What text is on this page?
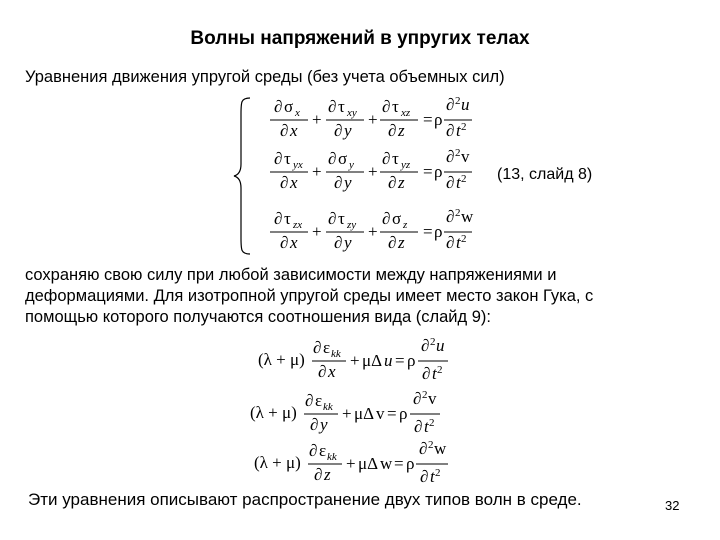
Волны напряжений в упругих телах
Уравнения движения упругой среды (без учета объемных сил)
∂ σ x
∂ x
+
∂ τ xy
∂ y
+
∂ τ xz
∂ z
= ρ
∂ 2 u
∂ t 2
∂ τ yx
∂ x
+
∂ σ y
∂ y
+
∂ τ yz
∂ z
= ρ
∂ 2 v
∂ t 2
∂ τ zx
∂ x
+
∂ τ zy
∂ y
+
∂ σ z
∂ z
= ρ
∂ 2 w
∂ t 2
(13, слайд 8)
сохраняю свою силу при любой зависимости между напряжениями и деформациями. Для изотропной упругой среды имеет место закон Гука, с помощью которого получаются соотношения вида (слайд 9):
(λ + μ)
∂ ε kk
∂ x
+ μΔ u = ρ
∂ 2 u
∂ t 2
(λ + μ)
∂ ε kk
∂ y
+ μΔ v = ρ
∂ 2 v
∂ t 2
(λ + μ)
∂ ε kk
∂ z
+ μΔ w = ρ
∂ 2 w
∂ t 2
Эти уравнения описывают распространение двух типов волн в среде.	32
